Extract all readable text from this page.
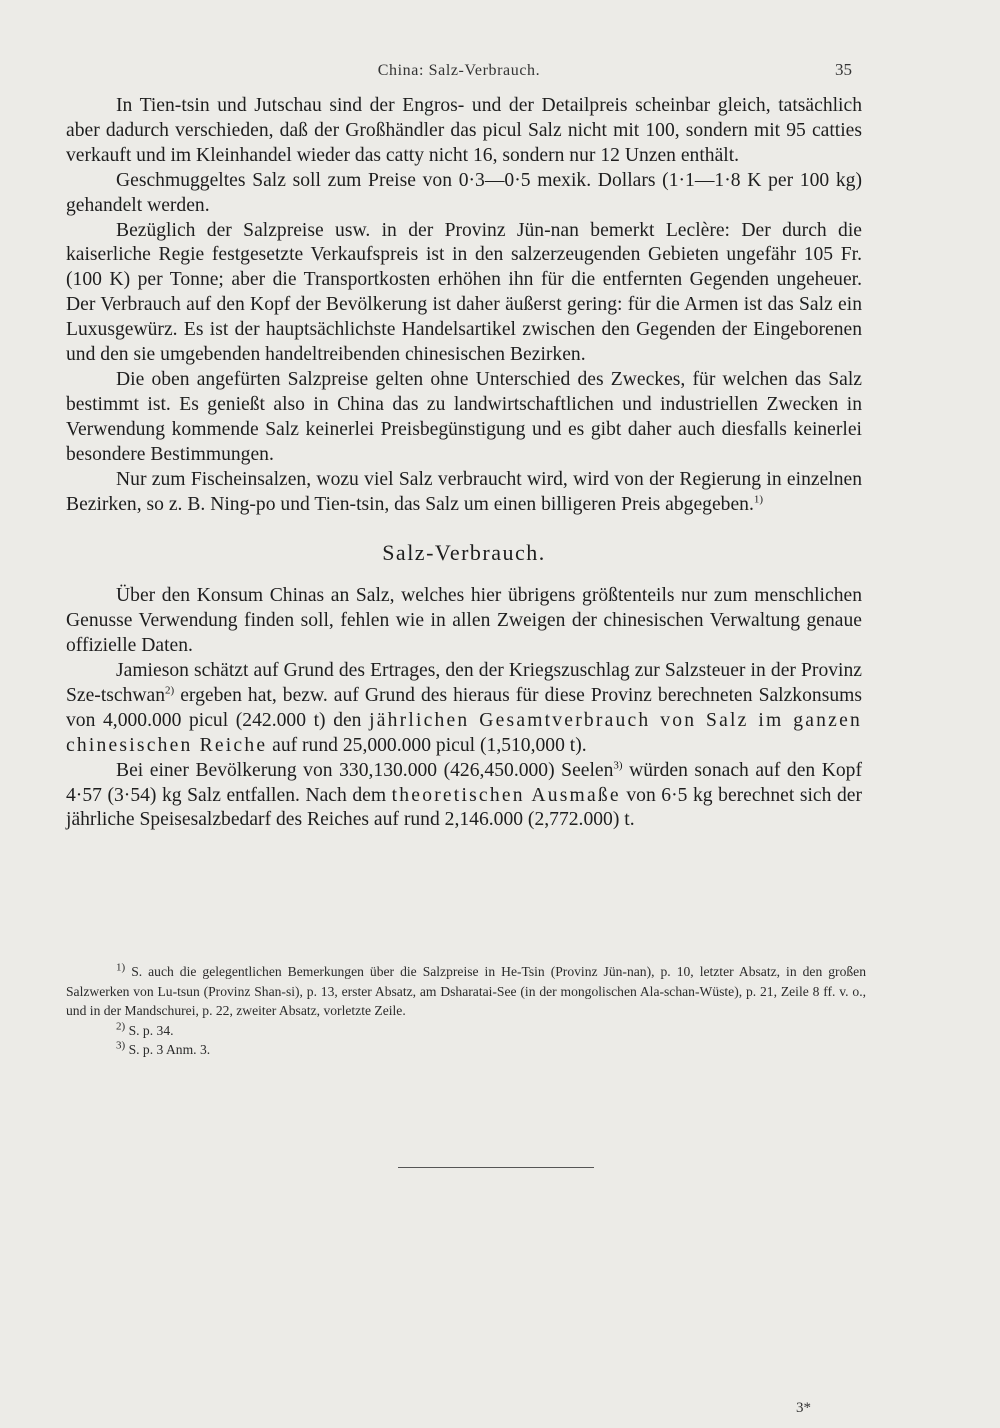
China: Salz-Verbrauch.	35

In Tien-tsin und Jutschau sind der Engros- und der Detailpreis scheinbar gleich, tatsächlich aber dadurch verschieden, daß der Großhändler das picul Salz nicht mit 100, sondern mit 95 catties verkauft und im Kleinhandel wieder das catty nicht 16, sondern nur 12 Unzen enthält.

Geschmuggeltes Salz soll zum Preise von 0·3—0·5 mexik. Dollars (1·1—1·8 K per 100 kg) gehandelt werden.

Bezüglich der Salzpreise usw. in der Provinz Jün-nan bemerkt Leclère: Der durch die kaiserliche Regie festgesetzte Verkaufspreis ist in den salzerzeugenden Gebieten ungefähr 105 Fr. (100 K) per Tonne; aber die Transportkosten erhöhen ihn für die entfernten Gegenden ungeheuer. Der Verbrauch auf den Kopf der Bevölkerung ist daher äußerst gering: für die Armen ist das Salz ein Luxusgewürz. Es ist der hauptsächlichste Handelsartikel zwischen den Gegenden der Eingeborenen und den sie umgebenden handeltreibenden chinesischen Bezirken.

Die oben angefürten Salzpreise gelten ohne Unterschied des Zweckes, für welchen das Salz bestimmt ist. Es genießt also in China das zu landwirtschaftlichen und industriellen Zwecken in Verwendung kommende Salz keinerlei Preisbegünstigung und es gibt daher auch diesfalls keinerlei besondere Bestimmungen.

Nur zum Fischeinsalzen, wozu viel Salz verbraucht wird, wird von der Regierung in einzelnen Bezirken, so z. B. Ning-po und Tien-tsin, das Salz um einen billigeren Preis abgegeben.$^{1)}$

Salz-Verbrauch.

Über den Konsum Chinas an Salz, welches hier übrigens größtenteils nur zum menschlichen Genusse Verwendung finden soll, fehlen wie in allen Zweigen der chinesischen Verwaltung genaue offizielle Daten.

Jamieson schätzt auf Grund des Ertrages, den der Kriegszuschlag zur Salzsteuer in der Provinz Sze-tschwan$^{2)}$ ergeben hat, bezw. auf Grund des hieraus für diese Provinz berechneten Salzkonsums von 4,000.000 picul (242.000 t) den jährlichen Gesamtverbrauch von Salz im ganzen chinesischen Reiche auf rund 25,000.000 picul (1,510,000 t).

Bei einer Bevölkerung von 330,130.000 (426,450.000) Seelen$^{3)}$ würden sonach auf den Kopf 4·57 (3·54) kg Salz entfallen. Nach dem theoretischen Ausmaße von 6·5 kg berechnet sich der jährliche Speisesalzbedarf des Reiches auf rund 2,146.000 (2,772.000) t.

$^{1)}$ S. auch die gelegentlichen Bemerkungen über die Salzpreise in He-Tsin (Provinz Jün-nan), p. 10, letzter Absatz, in den großen Salzwerken von Lu-tsun (Provinz Shan-si), p. 13, erster Absatz, am Dsharatai-See (in der mongolischen Ala-schan-Wüste), p. 21, Zeile 8 ff. v. o., und in der Mandschurei, p. 22, zweiter Absatz, vorletzte Zeile.

$^{2)}$ S. p. 34.

$^{3)}$ S. p. 3 Anm. 3.

3*
